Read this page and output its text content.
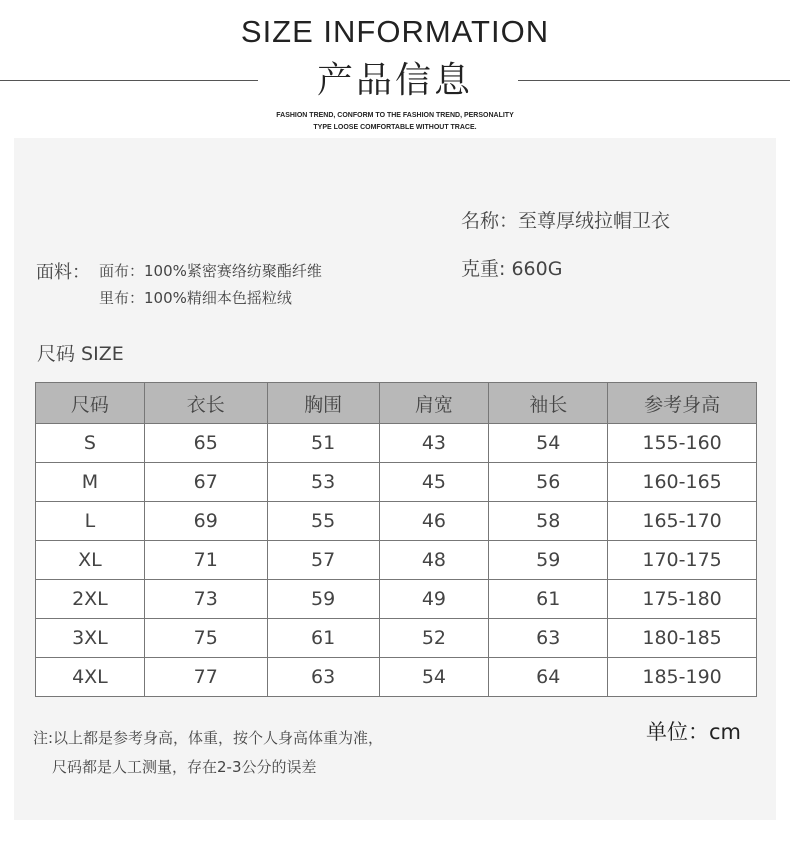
SIZE INFORMATION
产品信息
FASHION TREND, CONFORM TO THE FASHION TREND, PERSONALITY
TYPE LOOSE COMFORTABLE WITHOUT TRACE.
名称：至尊厚绒拉帽卫衣
克重: 660G
面料： 面布：100%紧密赛络纺聚酯纤维
里布：100%精细本色摇粒绒
尺码 SIZE
尺码	衣长	胸围	肩宽	袖长	参考身高
S	65	51	43	54	155-160
M	67	53	45	56	160-165
L	69	55	46	58	165-170
XL	71	57	48	59	170-175
2XL	73	59	49	61	175-180
3XL	75	61	52	63	180-185
4XL	77	63	54	64	185-190
注:以上都是参考身高，体重，按个人身高体重为准，
尺码都是人工测量，存在2-3公分的误差
单位：cm
